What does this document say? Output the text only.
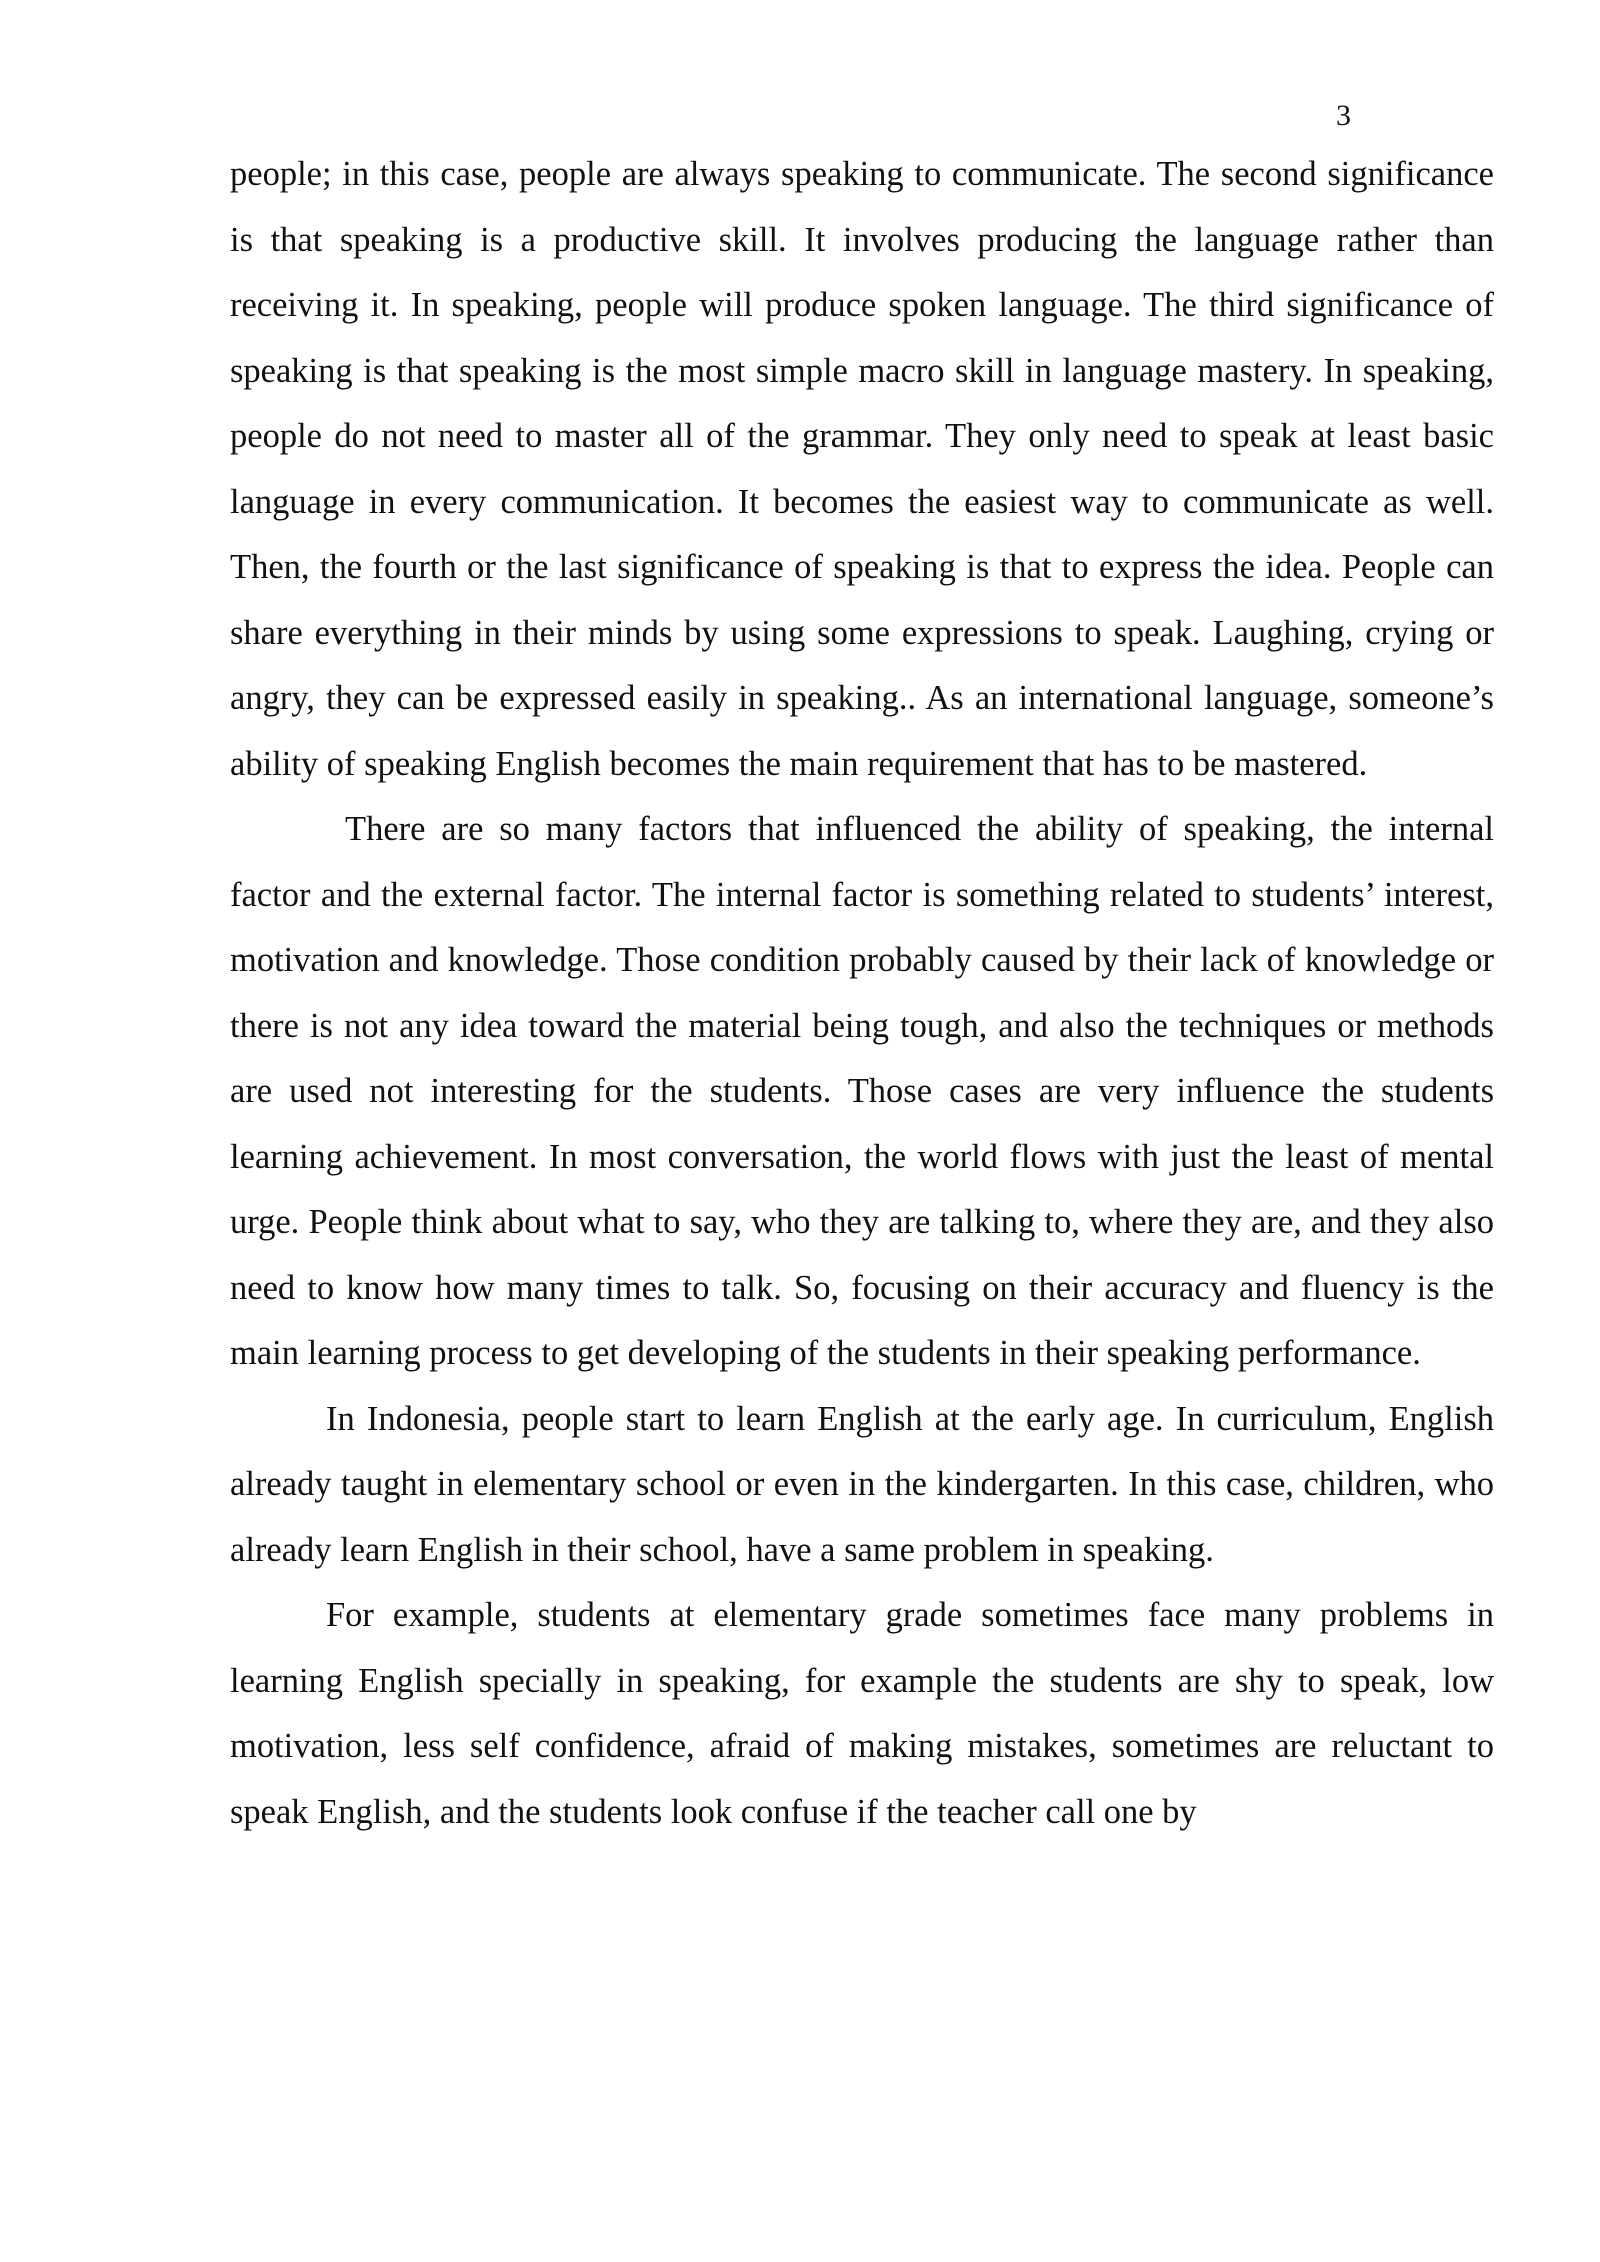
3

people; in this case, people are always speaking to communicate. The second significance is that speaking is a productive skill. It involves producing the language rather than receiving it. In speaking, people will produce spoken language. The third significance of speaking is that speaking is the most simple macro skill in language mastery. In speaking, people do not need to master all of the grammar. They only need to speak at least basic language in every communication. It becomes the easiest way to communicate as well. Then, the fourth or the last significance of speaking is that to express the idea. People can share everything in their minds by using some expressions to speak. Laughing, crying or angry, they can be expressed easily in speaking.. As an international language, someone’s ability of speaking English becomes the main requirement that has to be mastered.

There are so many factors that influenced the ability of speaking, the internal factor and the external factor. The internal factor is something related to students’ interest, motivation and knowledge. Those condition probably caused by their lack of knowledge or there is not any idea toward the material being tough, and also the techniques or methods are used not interesting for the students. Those cases are very influence the students learning achievement. In most conversation, the world flows with just the least of mental urge. People think about what to say, who they are talking to, where they are, and they also need to know how many times to talk. So, focusing on their accuracy and fluency is the main learning process to get developing of the students in their speaking performance.

In Indonesia, people start to learn English at the early age. In curriculum, English already taught in elementary school or even in the kindergarten. In this case, children, who already learn English in their school, have a same problem in speaking.

For example, students at elementary grade sometimes face many problems in learning English specially in speaking, for example the students are shy to speak, low motivation, less self confidence, afraid of making mistakes, sometimes are reluctant to speak English, and the students look confuse if the teacher call one by
